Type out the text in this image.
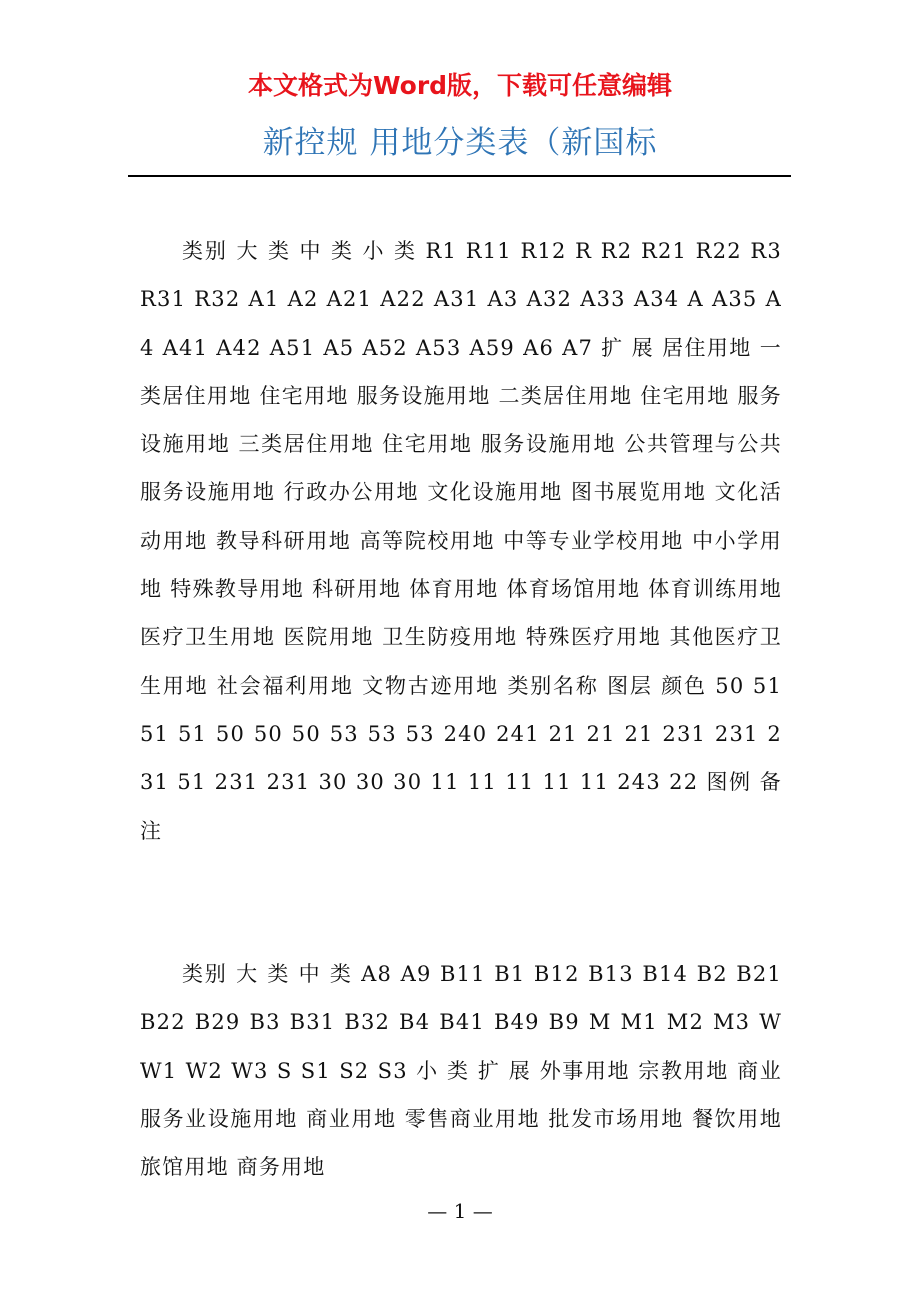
本文格式为Word版，下载可任意编辑
新控规 用地分类表（新国标
类别 大 类 中 类 小 类 R1 R11 R12 R R2 R21 R22 R3 R31 R32 A1 A2 A21 A22 A31 A3 A32 A33 A34 A A35 A4 A41 A42 A51 A5 A52 A53 A59 A6 A7 扩 展 居住用地 一类居住用地 住宅用地 服务设施用地 二类居住用地 住宅用地 服务设施用地 三类居住用地 住宅用地 服务设施用地 公共管理与公共服务设施用地 行政办公用地 文化设施用地 图书展览用地 文化活动用地 教导科研用地 高等院校用地 中等专业学校用地 中小学用地 特殊教导用地 科研用地 体育用地 体育场馆用地 体育训练用地 医疗卫生用地 医院用地 卫生防疫用地 特殊医疗用地 其他医疗卫生用地 社会福利用地 文物古迹用地 类别名称 图层 颜色 50 51 51 51 50 50 50 53 53 53 240 241 21 21 21 231 231 231 51 231 231 30 30 30 11 11 11 11 11 243 22 图例 备注
类别 大 类 中 类 A8 A9 B11 B1 B12 B13 B14 B2 B21 B22 B29 B3 B31 B32 B4 B41 B49 B9 M M1 M2 M3 W W1 W2 W3 S S1 S2 S3 小 类 扩 展 外事用地 宗教用地 商业服务业设施用地 商业用地 零售商业用地 批发市场用地 餐饮用地 旅馆用地 商务用地
— 1 —
